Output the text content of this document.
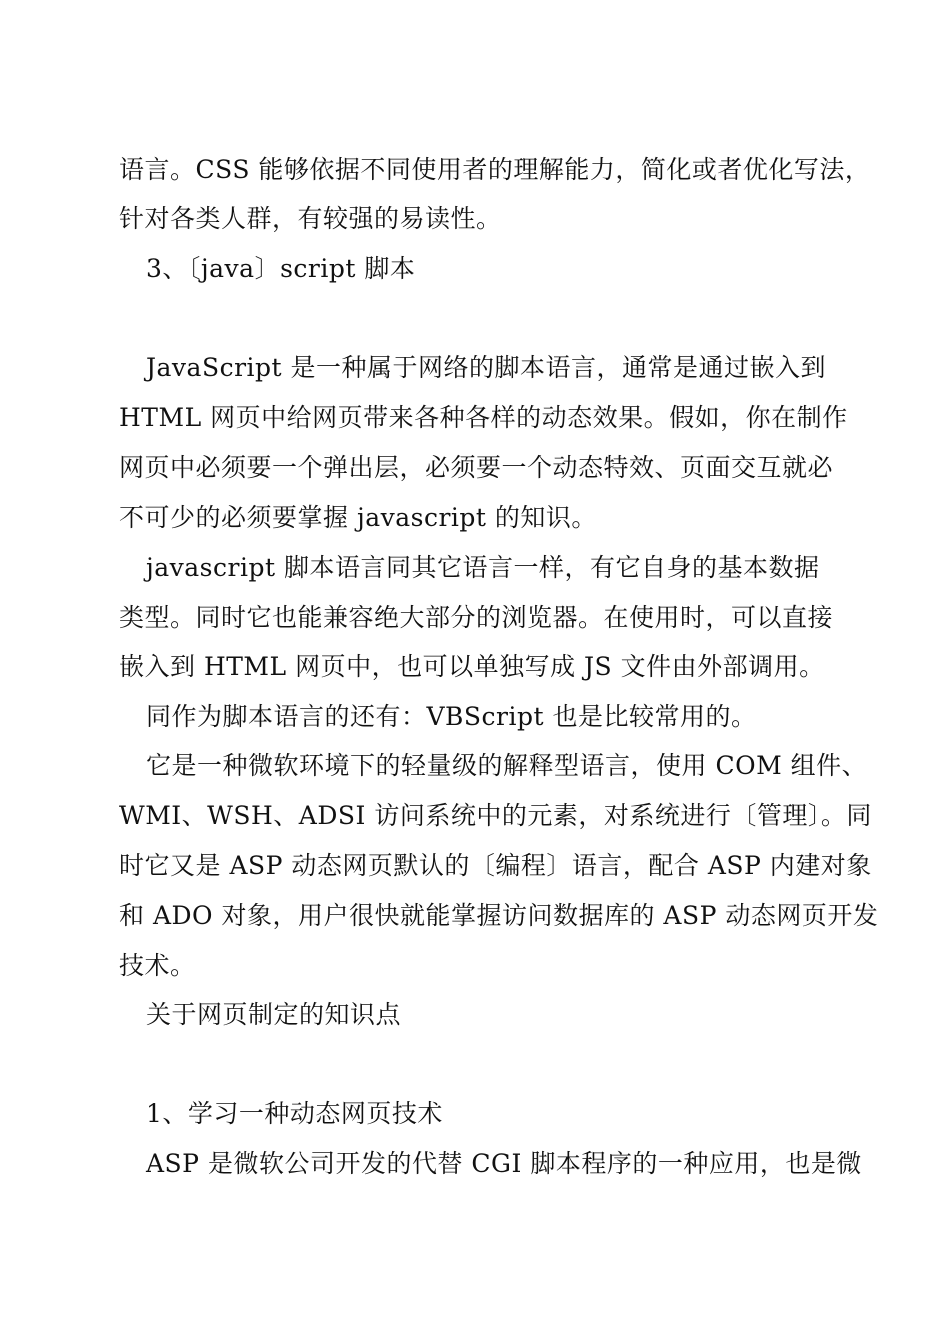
语言。CSS 能够依据不同使用者的理解能力，简化或者优化写法，
针对各类人群，有较强的易读性。
3、〔java〕script 脚本
JavaScript 是一种属于网络的脚本语言，通常是通过嵌入到
HTML 网页中给网页带来各种各样的动态效果。假如，你在制作
网页中必须要一个弹出层，必须要一个动态特效、页面交互就必
不可少的必须要掌握 javascript 的知识。
javascript 脚本语言同其它语言一样，有它自身的基本数据
类型。同时它也能兼容绝大部分的浏览器。在使用时，可以直接
嵌入到 HTML 网页中，也可以单独写成 JS 文件由外部调用。
同作为脚本语言的还有：VBScript 也是比较常用的。
它是一种微软环境下的轻量级的解释型语言，使用 COM 组件、
WMI、WSH、ADSI 访问系统中的元素，对系统进行〔管理〕。同
时它又是 ASP 动态网页默认的〔编程〕语言，配合 ASP 内建对象
和 ADO 对象，用户很快就能掌握访问数据库的 ASP 动态网页开发
技术。
关于网页制定的知识点
1、学习一种动态网页技术
ASP 是微软公司开发的代替 CGI 脚本程序的一种应用，也是微
